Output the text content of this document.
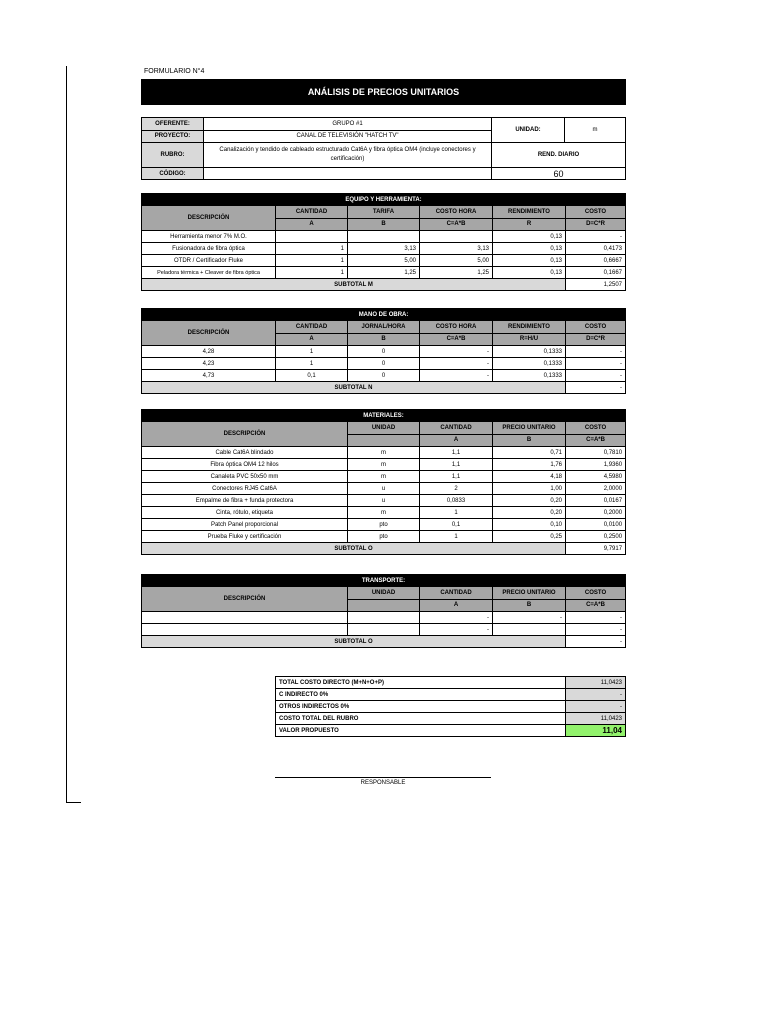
FORMULARIO N°4
ANÁLISIS DE PRECIOS UNITARIOS
OFERENTE:	GRUPO #1	UNIDAD:	m
PROYECTO:	CANAL DE TELEVISIÓN "HATCH TV"		
RUBRO:	Canalización y tendido de cableado estructurado Cat6A y fibra óptica OM4 (incluye conectores y certificación)	REND. DIARIO	
CÓDIGO:		60	
EQUIPO Y HERRAMIENTA:					
DESCRIPCIÓN	CANTIDAD	TARIFA	COSTO HORA	RENDIMIENTO	COSTO
	A	B	C=A*B	R	D=C*R
Herramienta menor 7% M.O.				0,13	-
Fusionadora de fibra óptica	1	3,13	3,13	0,13	0,4173
OTDR / Certificador Fluke	1	5,00	5,00	0,13	0,6667
Peladora térmica + Cleaver de fibra óptica	1	1,25	1,25	0,13	0,1667
SUBTOTAL M					1,2507
MANO DE OBRA:					
DESCRIPCIÓN	CANTIDAD	JORNAL/HORA	COSTO HORA	RENDIMIENTO	COSTO
	A	B	C=A*B	R=H/U	D=C*R
4,28	1	0	-	0,1333	-
4,23	1	0	-	0,1333	-
4,73	0,1	0	-	0,1333	-
SUBTOTAL N					-
MATERIALES:				
DESCRIPCIÓN	UNIDAD	CANTIDAD	PRECIO UNITARIO	COSTO
		A	B	C=A*B
Cable Cat6A blindado	m	1,1	0,71	0,7810
Fibra óptica OM4 12 hilos	m	1,1	1,76	1,9360
Canaleta PVC 50x50 mm	m	1,1	4,18	4,5980
Conectores RJ45 Cat6A	u	2	1,00	2,0000
Empalme de fibra + funda protectora	u	0,0833	0,20	0,0167
Cinta, rótulo, etiqueta	m	1	0,20	0,2000
Patch Panel proporcional	pto	0,1	0,10	0,0100
Prueba Fluke y certificación	pto	1	0,25	0,2500
SUBTOTAL O				9,7917
TRANSPORTE:				
DESCRIPCIÓN	UNIDAD	CANTIDAD	PRECIO UNITARIO	COSTO
		A	B	C=A*B
		-	-	-
		-		-
SUBTOTAL O				-
TOTAL COSTO DIRECTO (M+N+O+P)	11,0423
C INDIRECTO 0%	-
OTROS INDIRECTOS 0%	-
COSTO TOTAL DEL RUBRO	11,0423
VALOR PROPUESTO	11,04
RESPONSABLE
